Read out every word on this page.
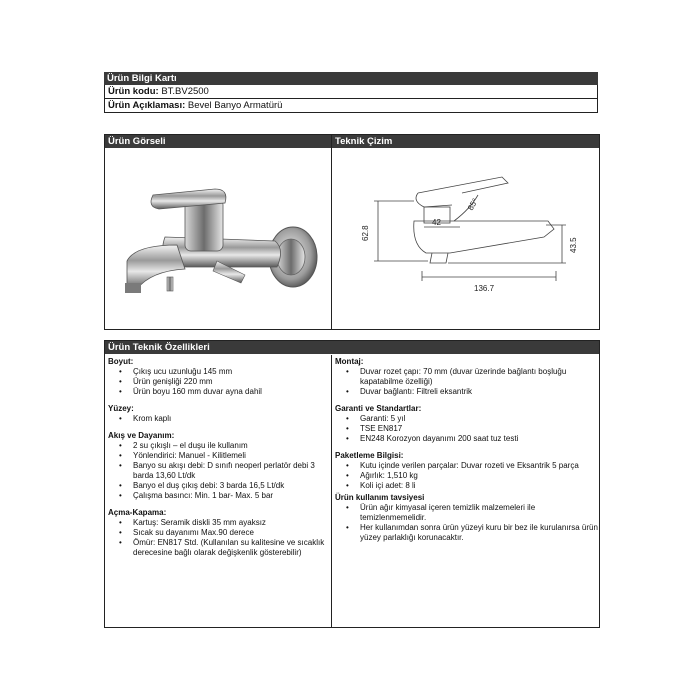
Ürün Bilgi Kartı
Ürün kodu: BT.BV2500
Ürün Açıklaması: Bevel Banyo Armatürü
Ürün Görseli	Teknik Çizim
42
85°
62.8
43.5
136.7
Ürün Teknik Özellikleri
Boyut:
• Çıkış ucu uzunluğu 145 mm
• Ürün genişliği 220 mm
• Ürün boyu 160 mm duvar ayna dahil
Yüzey:
• Krom kaplı
Akış ve Dayanım:
• 2 su çıkışlı – el duşu ile kullanım
• Yönlendirici: Manuel - Kilitlemeli
• Banyo su akışı debi: D sınıfı neoperl perlatör debi 3 barda 13,60 Lt/dk
• Banyo el duş çıkış debi: 3 barda 16,5 Lt/dk
• Çalışma basıncı: Min. 1 bar- Max. 5 bar
Açma-Kapama:
• Kartuş: Seramik diskli 35 mm ayaksız
• Sıcak su dayanımı Max.90 derece
• Ömür: EN817 Std. (Kullanılan su kalitesine ve sıcaklık derecesine bağlı olarak değişkenlik gösterebilir)
Montaj:
• Duvar rozet çapı: 70 mm (duvar üzerinde bağlantı boşluğu kapatabilme özelliği)
• Duvar bağlantı: Filtreli eksantrik
Garanti ve Standartlar:
• Garanti: 5 yıl
• TSE EN817
• EN248 Korozyon dayanımı 200 saat tuz testi
Paketleme Bilgisi:
• Kutu içinde verilen parçalar: Duvar rozeti ve Eksantrik 5 parça
• Ağırlık: 1,510 kg
• Koli içi adet: 8 li
Ürün kullanım tavsiyesi
• Ürün ağır kimyasal içeren temizlik malzemeleri ile temizlenmemelidir.
• Her kullanımdan sonra ürün yüzeyi kuru bir bez ile kurulanırsa ürün yüzey parlaklığı korunacaktır.
